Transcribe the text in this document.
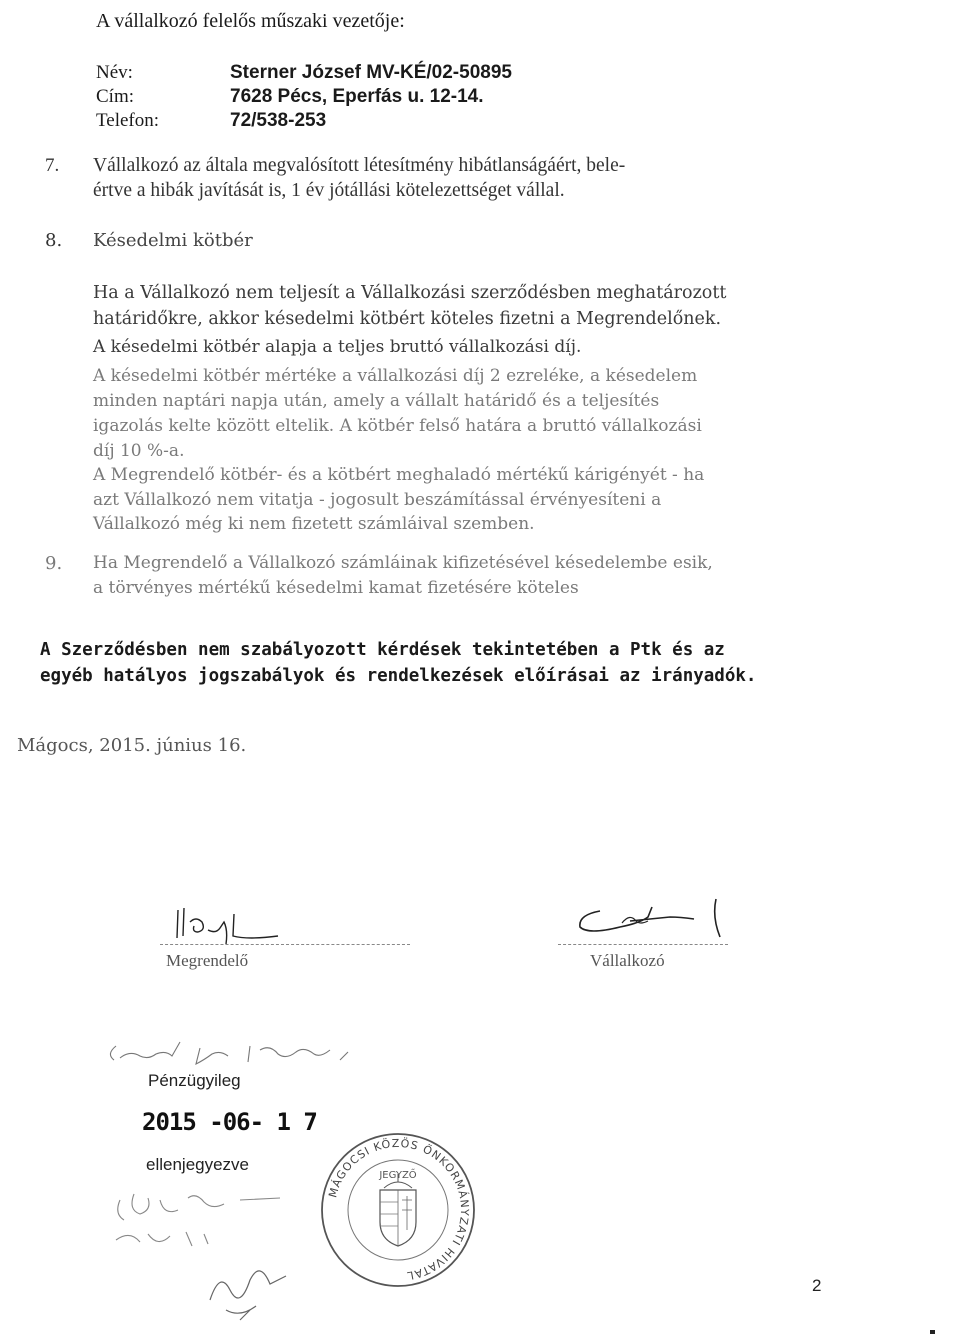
A vállalkozó felelős műszaki vezetője:
Név:	Sterner József MV-KÉ/02-50895
Cím:	7628 Pécs, Eperfás u. 12-14.
Telefon:	72/538-253
7. Vállalkozó az általa megvalósított létesítmény hibátlanságáért, bele-
értve a hibák javítását is, 1 év jótállási kötelezettséget vállal.
8. Késedelmi kötbér
Ha a Vállalkozó nem teljesít a Vállalkozási szerződésben meghatározott
határidőkre, akkor késedelmi kötbért köteles fizetni a Megrendelőnek.
A késedelmi kötbér alapja a teljes bruttó vállalkozási díj.
A késedelmi kötbér mértéke a vállalkozási díj 2 ezreléke, a késedelem
minden naptári napja után, amely a vállalt határidő és a teljesítés
igazolás kelte között eltelik. A kötbér felső határa a bruttó vállalkozási
díj 10 %-a.
A Megrendelő kötbér- és a kötbért meghaladó mértékű kárigényét - ha
azt Vállalkozó nem vitatja - jogosult beszámítással érvényesíteni a
Vállalkozó még ki nem fizetett számláival szemben.
9. Ha Megrendelő a Vállalkozó számláinak kifizetésével késedelembe esik,
a törvényes mértékű késedelmi kamat fizetésére köteles
A Szerződésben nem szabályozott kérdések tekintetében a Ptk és az
egyéb hatályos jogszabályok és rendelkezések előírásai az irányadók.
Mágocs, 2015. június 16.
Megrendelő	Vállalkozó
Pénzügyileg
2015 -06- 1 7
ellenjegyezve
MÁGOCSI KÖZÖS ÖNKORMÁNYZATI HIVATAL
JEGYZŐ
2
